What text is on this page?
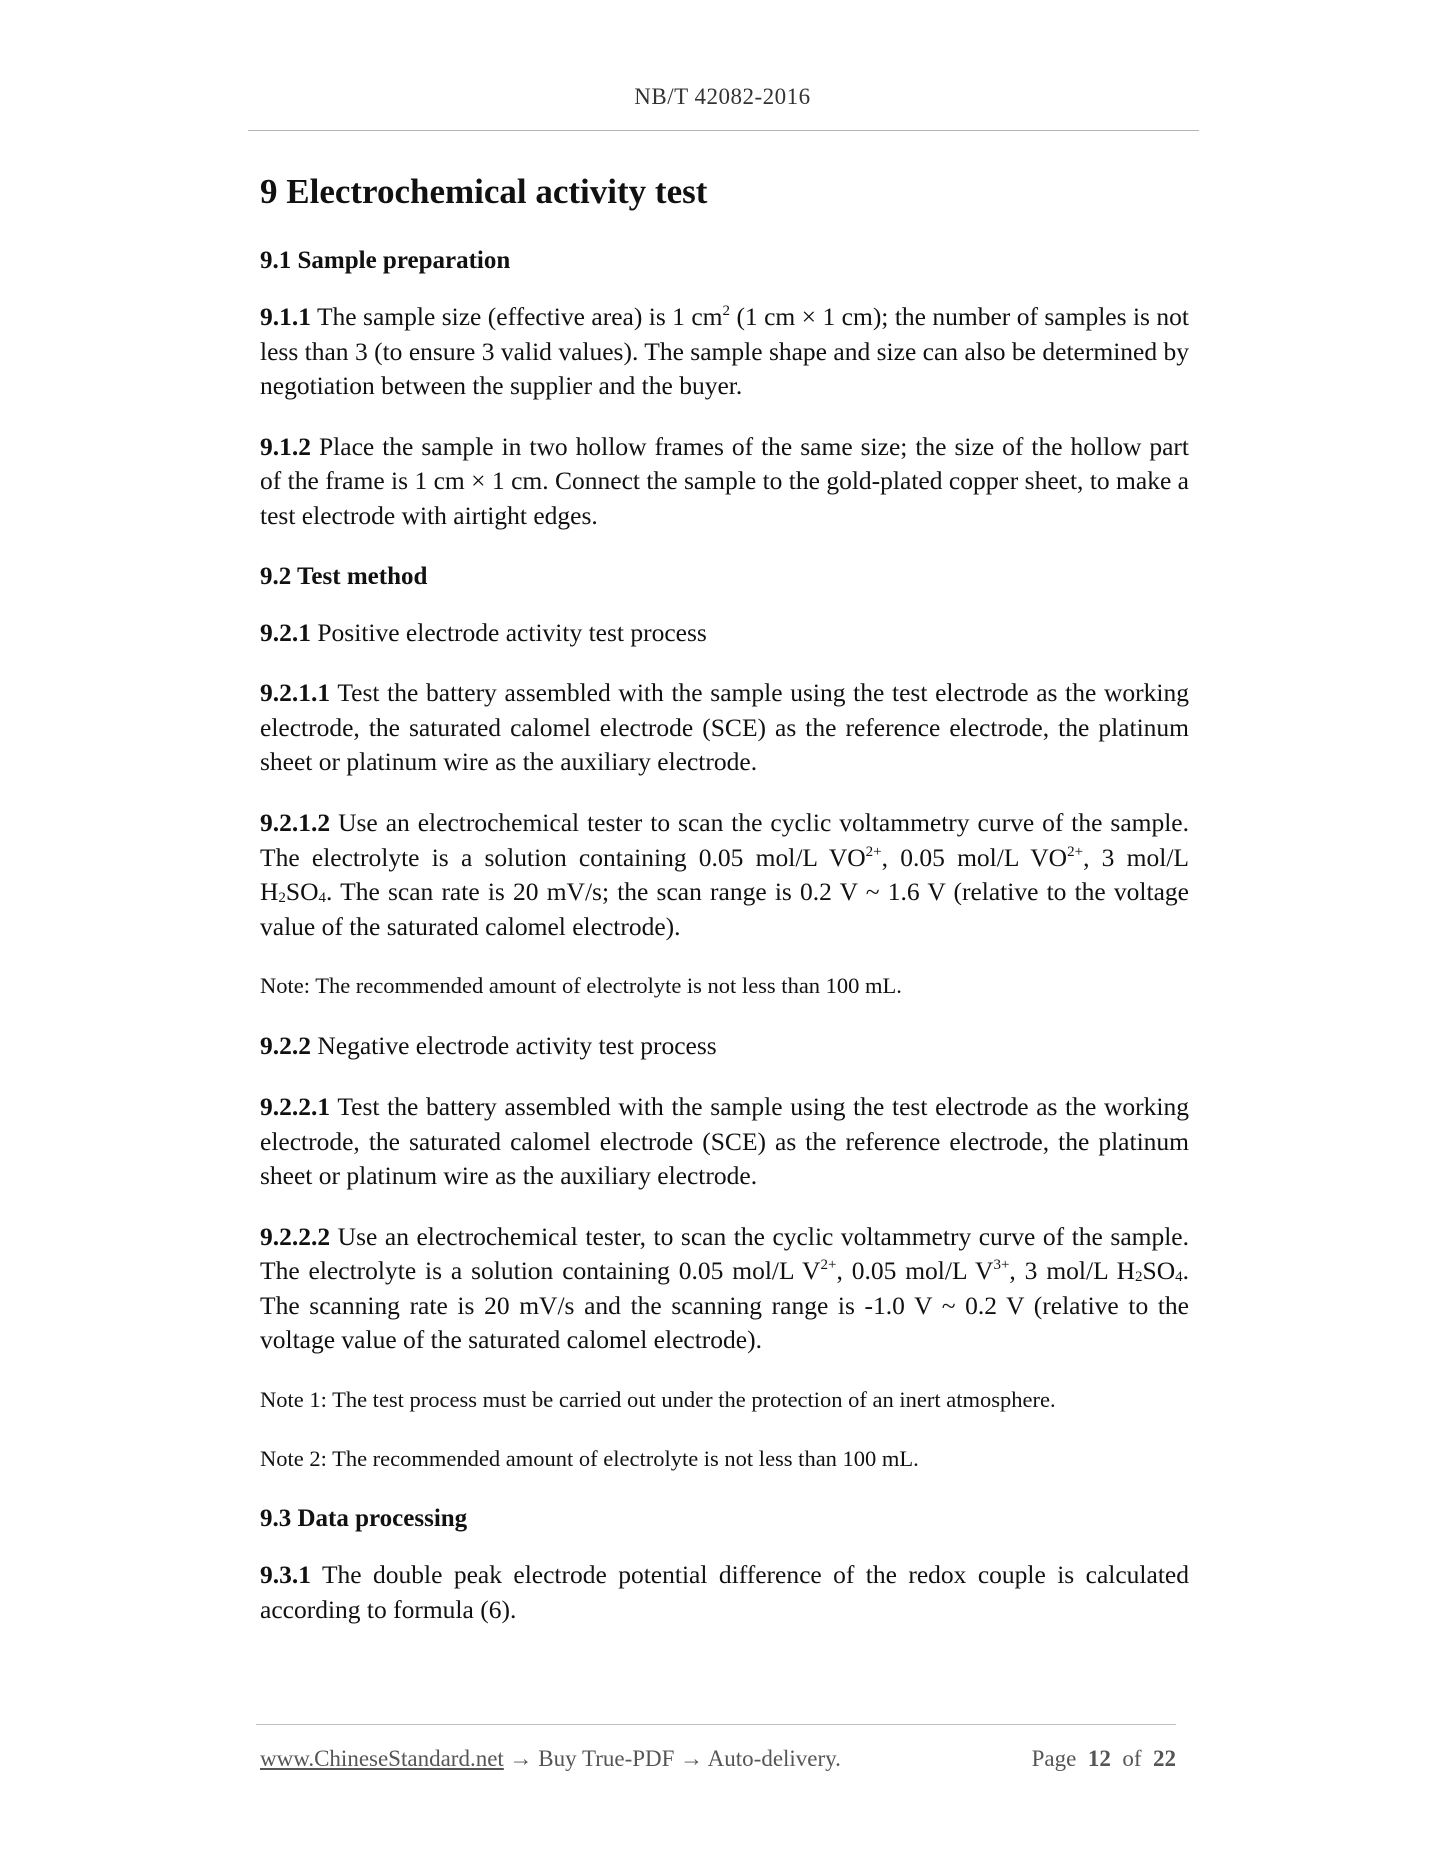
NB/T 42082-2016
9 Electrochemical activity test
9.1 Sample preparation

9.1.1 The sample size (effective area) is 1 $cm^2$ (1 cm × 1 cm); the number of samples is not less than 3 (to ensure 3 valid values). The sample shape and size can also be determined by negotiation between the supplier and the buyer.

9.1.2 Place the sample in two hollow frames of the same size; the size of the hollow part of the frame is 1 cm × 1 cm. Connect the sample to the gold-plated copper sheet, to make a test electrode with airtight edges.

9.2 Test method

9.2.1 Positive electrode activity test process

9.2.1.1 Test the battery assembled with the sample using the test electrode as the working electrode, the saturated calomel electrode (SCE) as the reference electrode, the platinum sheet or platinum wire as the auxiliary electrode.

9.2.1.2 Use an electrochemical tester to scan the cyclic voltammetry curve of the sample. The electrolyte is a solution containing 0.05 mol/L $VO^{2+}$, 0.05 mol/L $VO^{2+}$, 3 mol/L $H_2SO_4$. The scan rate is 20 mV/s; the scan range is 0.2 V ~ 1.6 V (relative to the voltage value of the saturated calomel electrode).

Note: The recommended amount of electrolyte is not less than 100 mL.

9.2.2 Negative electrode activity test process

9.2.2.1 Test the battery assembled with the sample using the test electrode as the working electrode, the saturated calomel electrode (SCE) as the reference electrode, the platinum sheet or platinum wire as the auxiliary electrode.

9.2.2.2 Use an electrochemical tester, to scan the cyclic voltammetry curve of the sample. The electrolyte is a solution containing 0.05 mol/L $V^{2+}$, 0.05 mol/L $V^{3+}$, 3 mol/L $H_2SO_4$. The scanning rate is 20 mV/s and the scanning range is -1.0 V ~ 0.2 V (relative to the voltage value of the saturated calomel electrode).

Note 1: The test process must be carried out under the protection of an inert atmosphere.

Note 2: The recommended amount of electrolyte is not less than 100 mL.

9.3 Data processing

9.3.1 The double peak electrode potential difference of the redox couple is calculated according to formula (6).

www.ChineseStandard.net → Buy True-PDF → Auto-delivery.	Page 12 of 22
